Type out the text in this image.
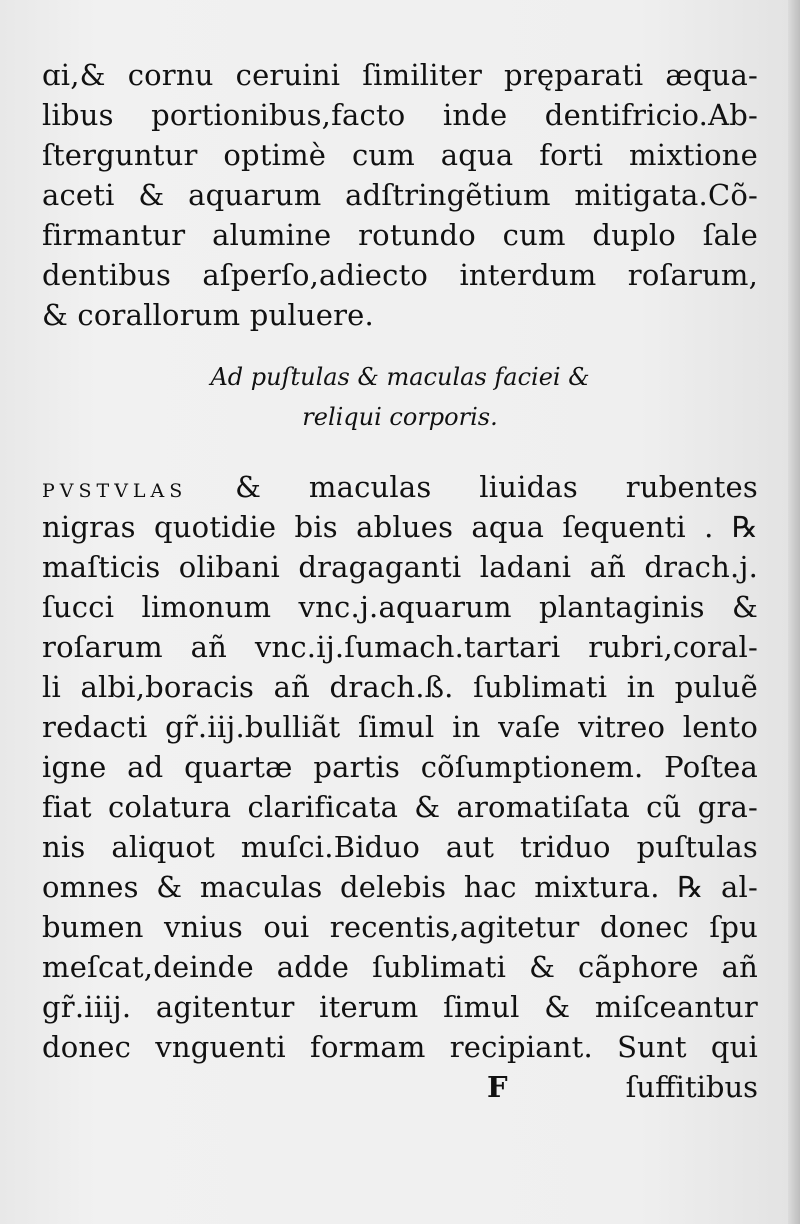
ɑi,& cornu ceruini ſimiliter pręparati æqua-
libus portionibus,facto inde dentifricio.Ab-
ſterguntur optimè cum aqua forti mixtione
aceti & aquarum adſtringẽtium mitigata.Cõ-
firmantur alumine rotundo cum duplo ſale
dentibus aſperſo,adiecto interdum roſarum,
& corallorum puluere.
Ad puſtulas & maculas faciei &
reliqui corporis.
PVSTVLAS & maculas liuidas rubentes
nigras quotidie bis ablues aqua ſequenti . ℞
maſticis olibani dragaganti ladani añ drach.j.
ſucci limonum vnc.j.aquarum plantaginis &
roſarum añ vnc.ij.ſumach.tartari rubri,coral-
li albi,boracis añ drach.ß. ſublimati in puluẽ
redacti gr̃.iij.bulliãt ſimul in vaſe vitreo lento
igne ad quartæ partis cõſumptionem. Poſtea
fiat colatura clarificata & aromatiſata cũ gra-
nis aliquot muſci.Biduo aut triduo puſtulas
omnes & maculas delebis hac mixtura. ℞ al-
bumen vnius oui recentis,agitetur donec ſpu
meſcat,deinde adde ſublimati & cãphore añ
gr̃.iiij. agitentur iterum ſimul & miſceantur
donec vnguenti formam recipiant. Sunt qui
F	ſuffitibus
